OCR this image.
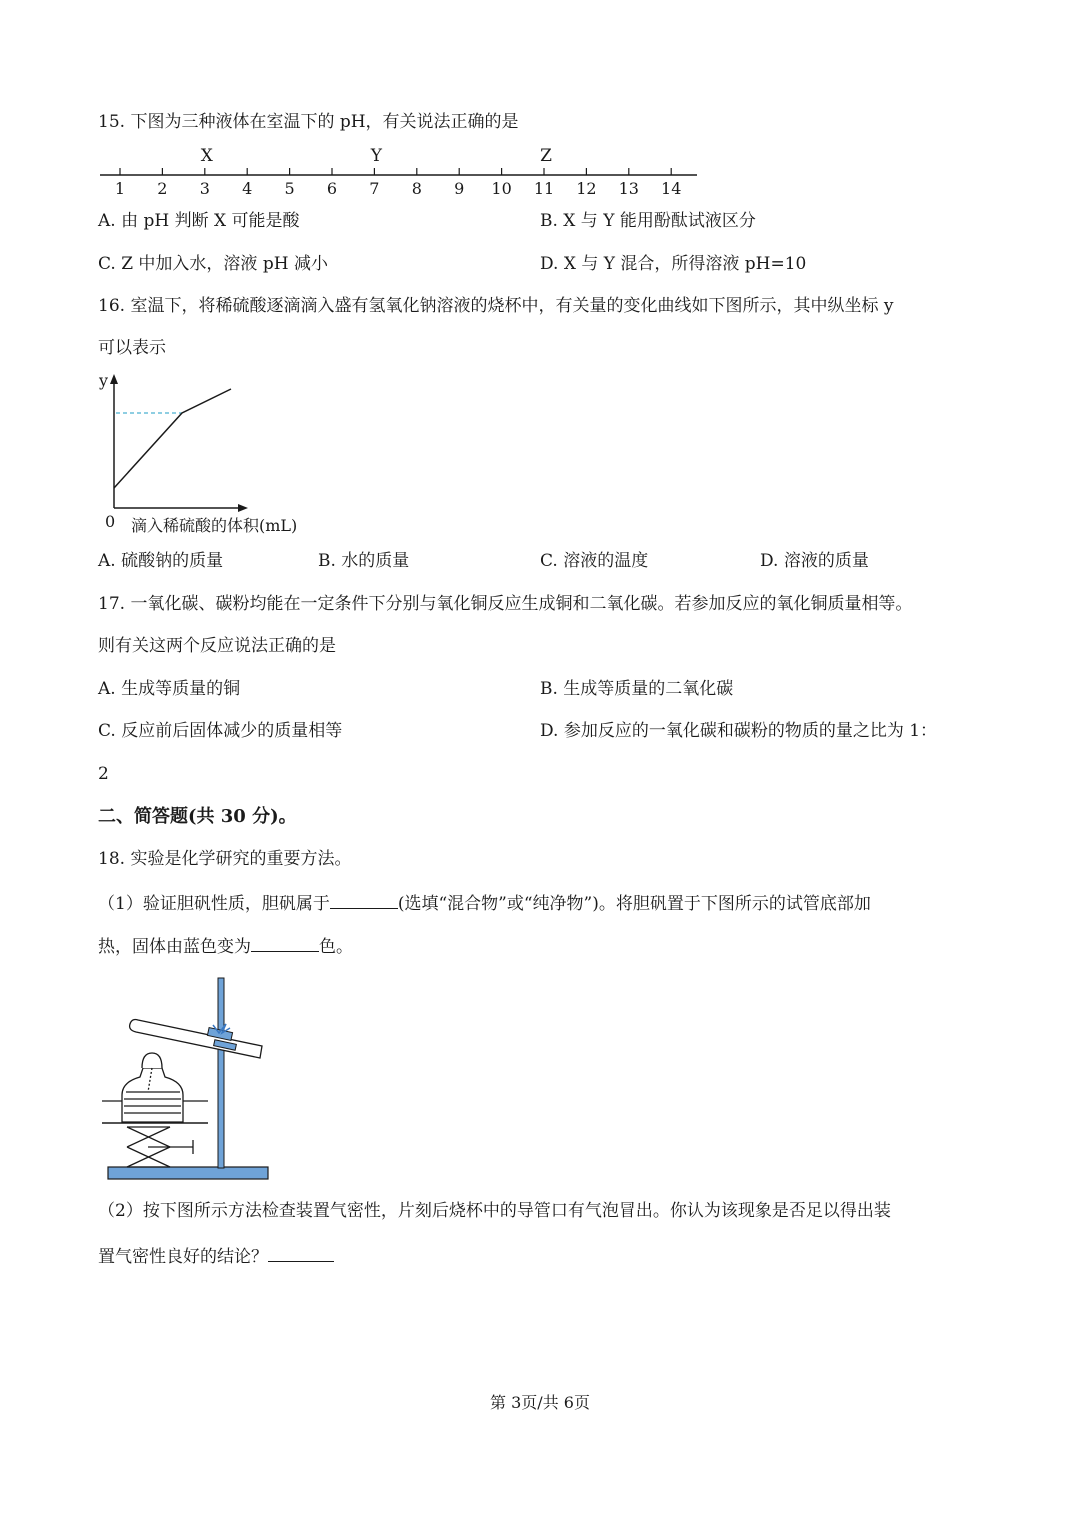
15. 下图为三种液体在室温下的 pH，有关说法正确的是
1 2 3 4 5 6 7 8 9 10 11 12 13 14
X	Y	Z
A. 由 pH 判断 X 可能是酸	B. X 与 Y 能用酚酞试液区分
C. Z 中加入水，溶液 pH 减小	D. X 与 Y 混合，所得溶液 pH=10
16. 室温下，将稀硫酸逐滴滴入盛有氢氧化钠溶液的烧杯中，有关量的变化曲线如下图所示，其中纵坐标 y
可以表示
y
0 滴入稀硫酸的体积(mL)
A. 硫酸钠的质量	B. 水的质量	C. 溶液的温度	D. 溶液的质量
17. 一氧化碳、碳粉均能在一定条件下分别与氧化铜反应生成铜和二氧化碳。若参加反应的氧化铜质量相等。
则有关这两个反应说法正确的是
A. 生成等质量的铜	B. 生成等质量的二氧化碳
C. 反应前后固体减少的质量相等	D. 参加反应的一氧化碳和碳粉的物质的量之比为 1：
2
二、简答题(共 30 分)。
18. 实验是化学研究的重要方法。
（1）验证胆矾性质，胆矾属于	(选填“混合物”或“纯净物”)。将胆矾置于下图所示的试管底部加
热，固体由蓝色变为	色。
（2）按下图所示方法检查装置气密性，片刻后烧杯中的导管口有气泡冒出。你认为该现象是否足以得出装
置气密性良好的结论？
第 3页/共 6页
